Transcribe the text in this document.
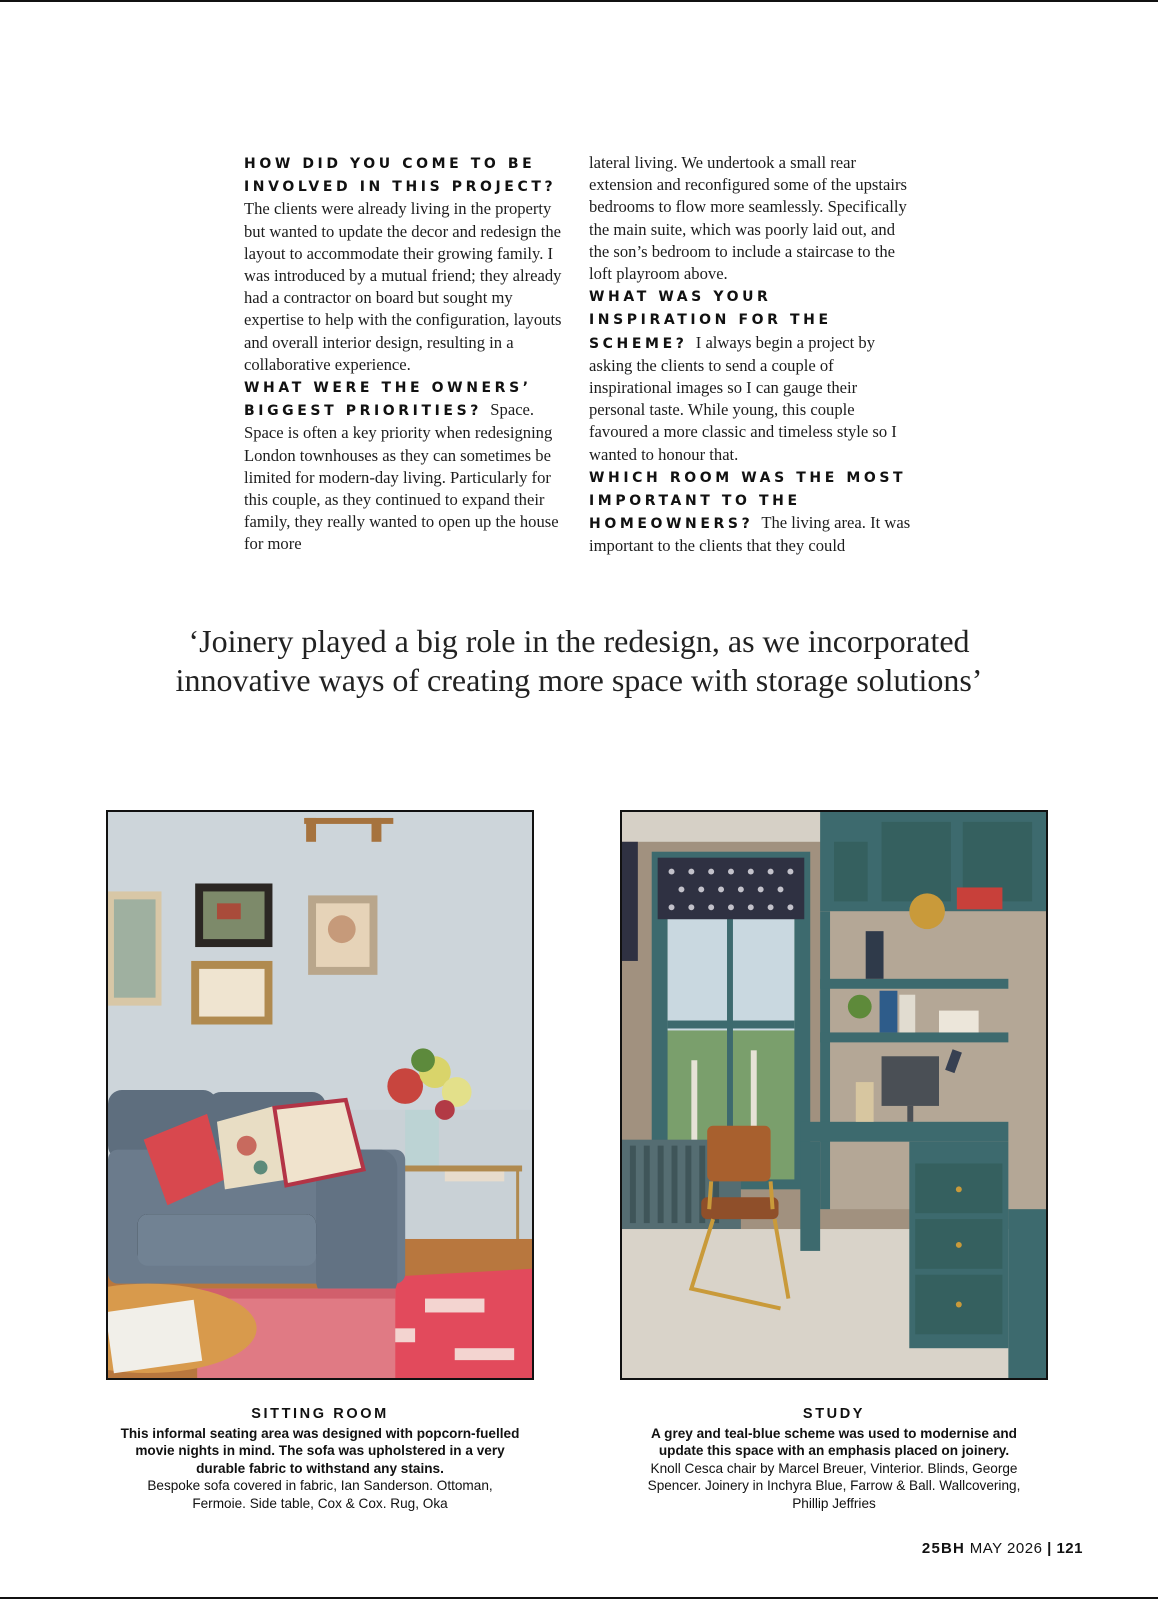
HOW DID YOU COME TO BE INVOLVED IN THIS PROJECT?
The clients were already living in the property but wanted to update the decor and redesign the layout to accommodate their growing family. I was introduced by a mutual friend; they already had a contractor on board but sought my expertise to help with the configuration, layouts and overall interior design, resulting in a collaborative experience.

WHAT WERE THE OWNERS’ BIGGEST PRIORITIES? Space. Space is often a key priority when redesigning London townhouses as they can sometimes be limited for modern-day living. Particularly for this couple, as they continued to expand their family, they really wanted to open up the house for more

lateral living. We undertook a small rear extension and reconfigured some of the upstairs bedrooms to flow more seamlessly. Specifically the main suite, which was poorly laid out, and the son’s bedroom to include a staircase to the loft playroom above.

WHAT WAS YOUR INSPIRATION FOR THE SCHEME? I always begin a project by asking the clients to send a couple of inspirational images so I can gauge their personal taste. While young, this couple favoured a more classic and timeless style so I wanted to honour that.

WHICH ROOM WAS THE MOST IMPORTANT TO THE HOMEOWNERS? The living area. It was important to the clients that they could

‘Joinery played a big role in the redesign, as we incorporated
innovative ways of creating more space with storage solutions’
SITTING ROOM
This informal seating area was designed with popcorn-fuelled movie nights in mind. The sofa was upholstered in a very durable fabric to withstand any stains.
Bespoke sofa covered in fabric, Ian Sanderson. Ottoman, Fermoie. Side table, Cox & Cox. Rug, Oka
STUDY
A grey and teal-blue scheme was used to modernise and update this space with an emphasis placed on joinery.
Knoll Cesca chair by Marcel Breuer, Vinterior. Blinds, George Spencer. Joinery in Inchyra Blue, Farrow & Ball. Wallcovering, Phillip Jeffries
25BH MAY 2026 | 121
